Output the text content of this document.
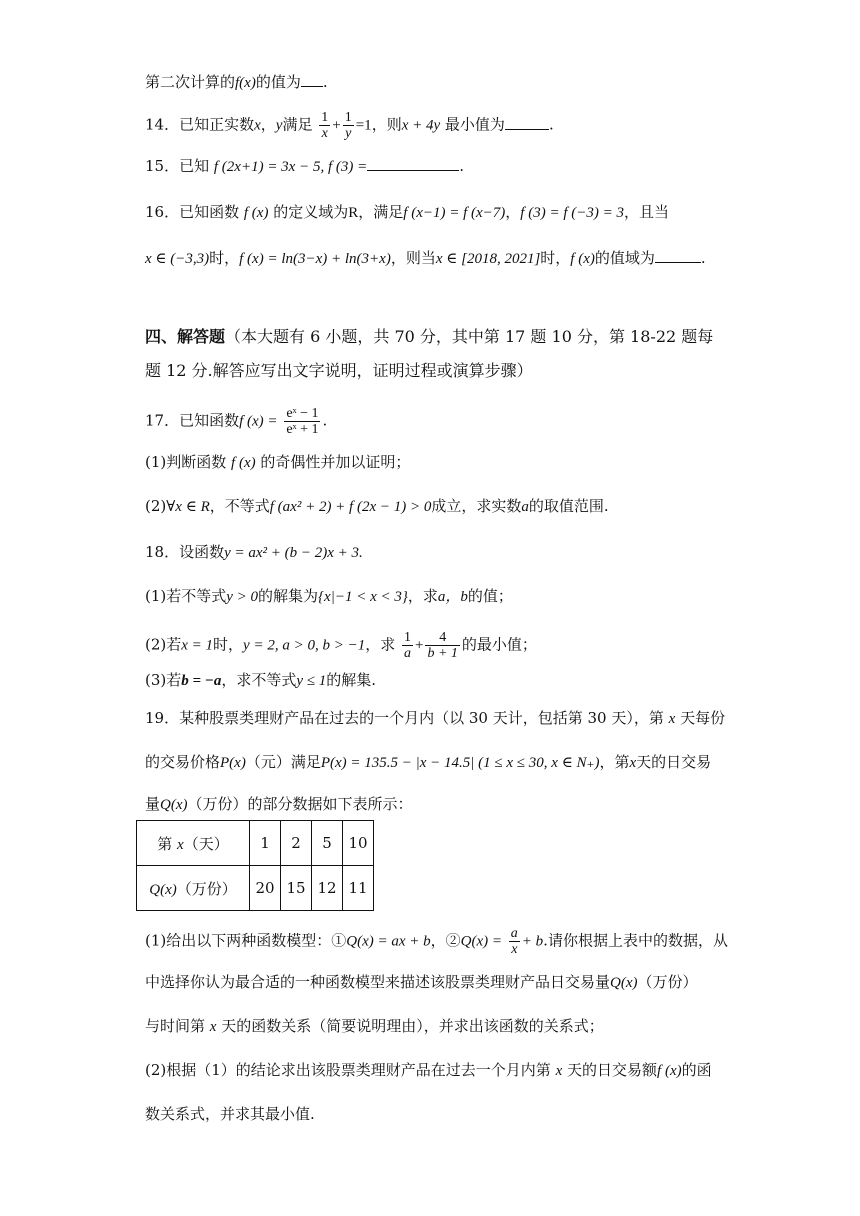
第二次计算的f(x)的值为 .
14．已知正实数x，y满足 $\frac{1}{x} + \frac{1}{y} =1$，则x + 4y 最小值为	.
15．已知 f (2x+1) = 3x − 5, f (3) =	.
16．已知函数 f (x) 的定义域为R，满足f (x−1) = f (x−7)，f (3) = f (−3) = 3，且当
x ∈ (−3,3)时，f (x) = ln(3−x) + ln(3+x)，则当x ∈ [2018, 2021]时，f (x)的值域为	.
四、解答题（本大题有 6 小题，共 70 分，其中第 17 题 10 分，第 18-22 题每题 12 分.解答应写出文字说明，证明过程或演算步骤）
17．已知函数f $(x) = \frac{\text{eˣ − 1}}{\text{eˣ + 1}}$ .
(1)判断函数 f (x) 的奇偶性并加以证明；
(2)∀x ∈ R，不等式f (ax² + 2) + f (2x − 1) > 0成立，求实数a的取值范围.
18．设函数y = ax² + (b − 2)x + 3.
(1)若不等式y > 0的解集为{x|−1 < x < 3}，求a，b的值；
(2)若x = 1时，y = 2, a > 0, b > −1，求 $\frac{1}{a} + \frac{4}{b + 1}$ 的最小值；
(3)若b = −a，求不等式y ≤ 1的解集.
19．某种股票类理财产品在过去的一个月内（以 30 天计，包括第 30 天），第 x 天每份
的交易价格P(x)（元）满足P(x) = 135.5 − |x − 14.5| (1 ≤ x ≤ 30, x ∈ N₊)，第x天的日交易
量Q(x)（万份）的部分数据如下表所示：
第 x（天）	1	2	5	10
Q(x)（万份）	20	15	12	11
(1)给出以下两种函数模型：①Q(x) = ax + b，②Q(x) = $\frac{a}{x} + b$.请你根据上表中的数据，从
中选择你认为最合适的一种函数模型来描述该股票类理财产品日交易量Q(x)（万份）
与时间第 x 天的函数关系（简要说明理由），并求出该函数的关系式；
(2)根据（1）的结论求出该股票类理财产品在过去一个月内第 x 天的日交易额f (x)的函
数关系式，并求其最小值.
